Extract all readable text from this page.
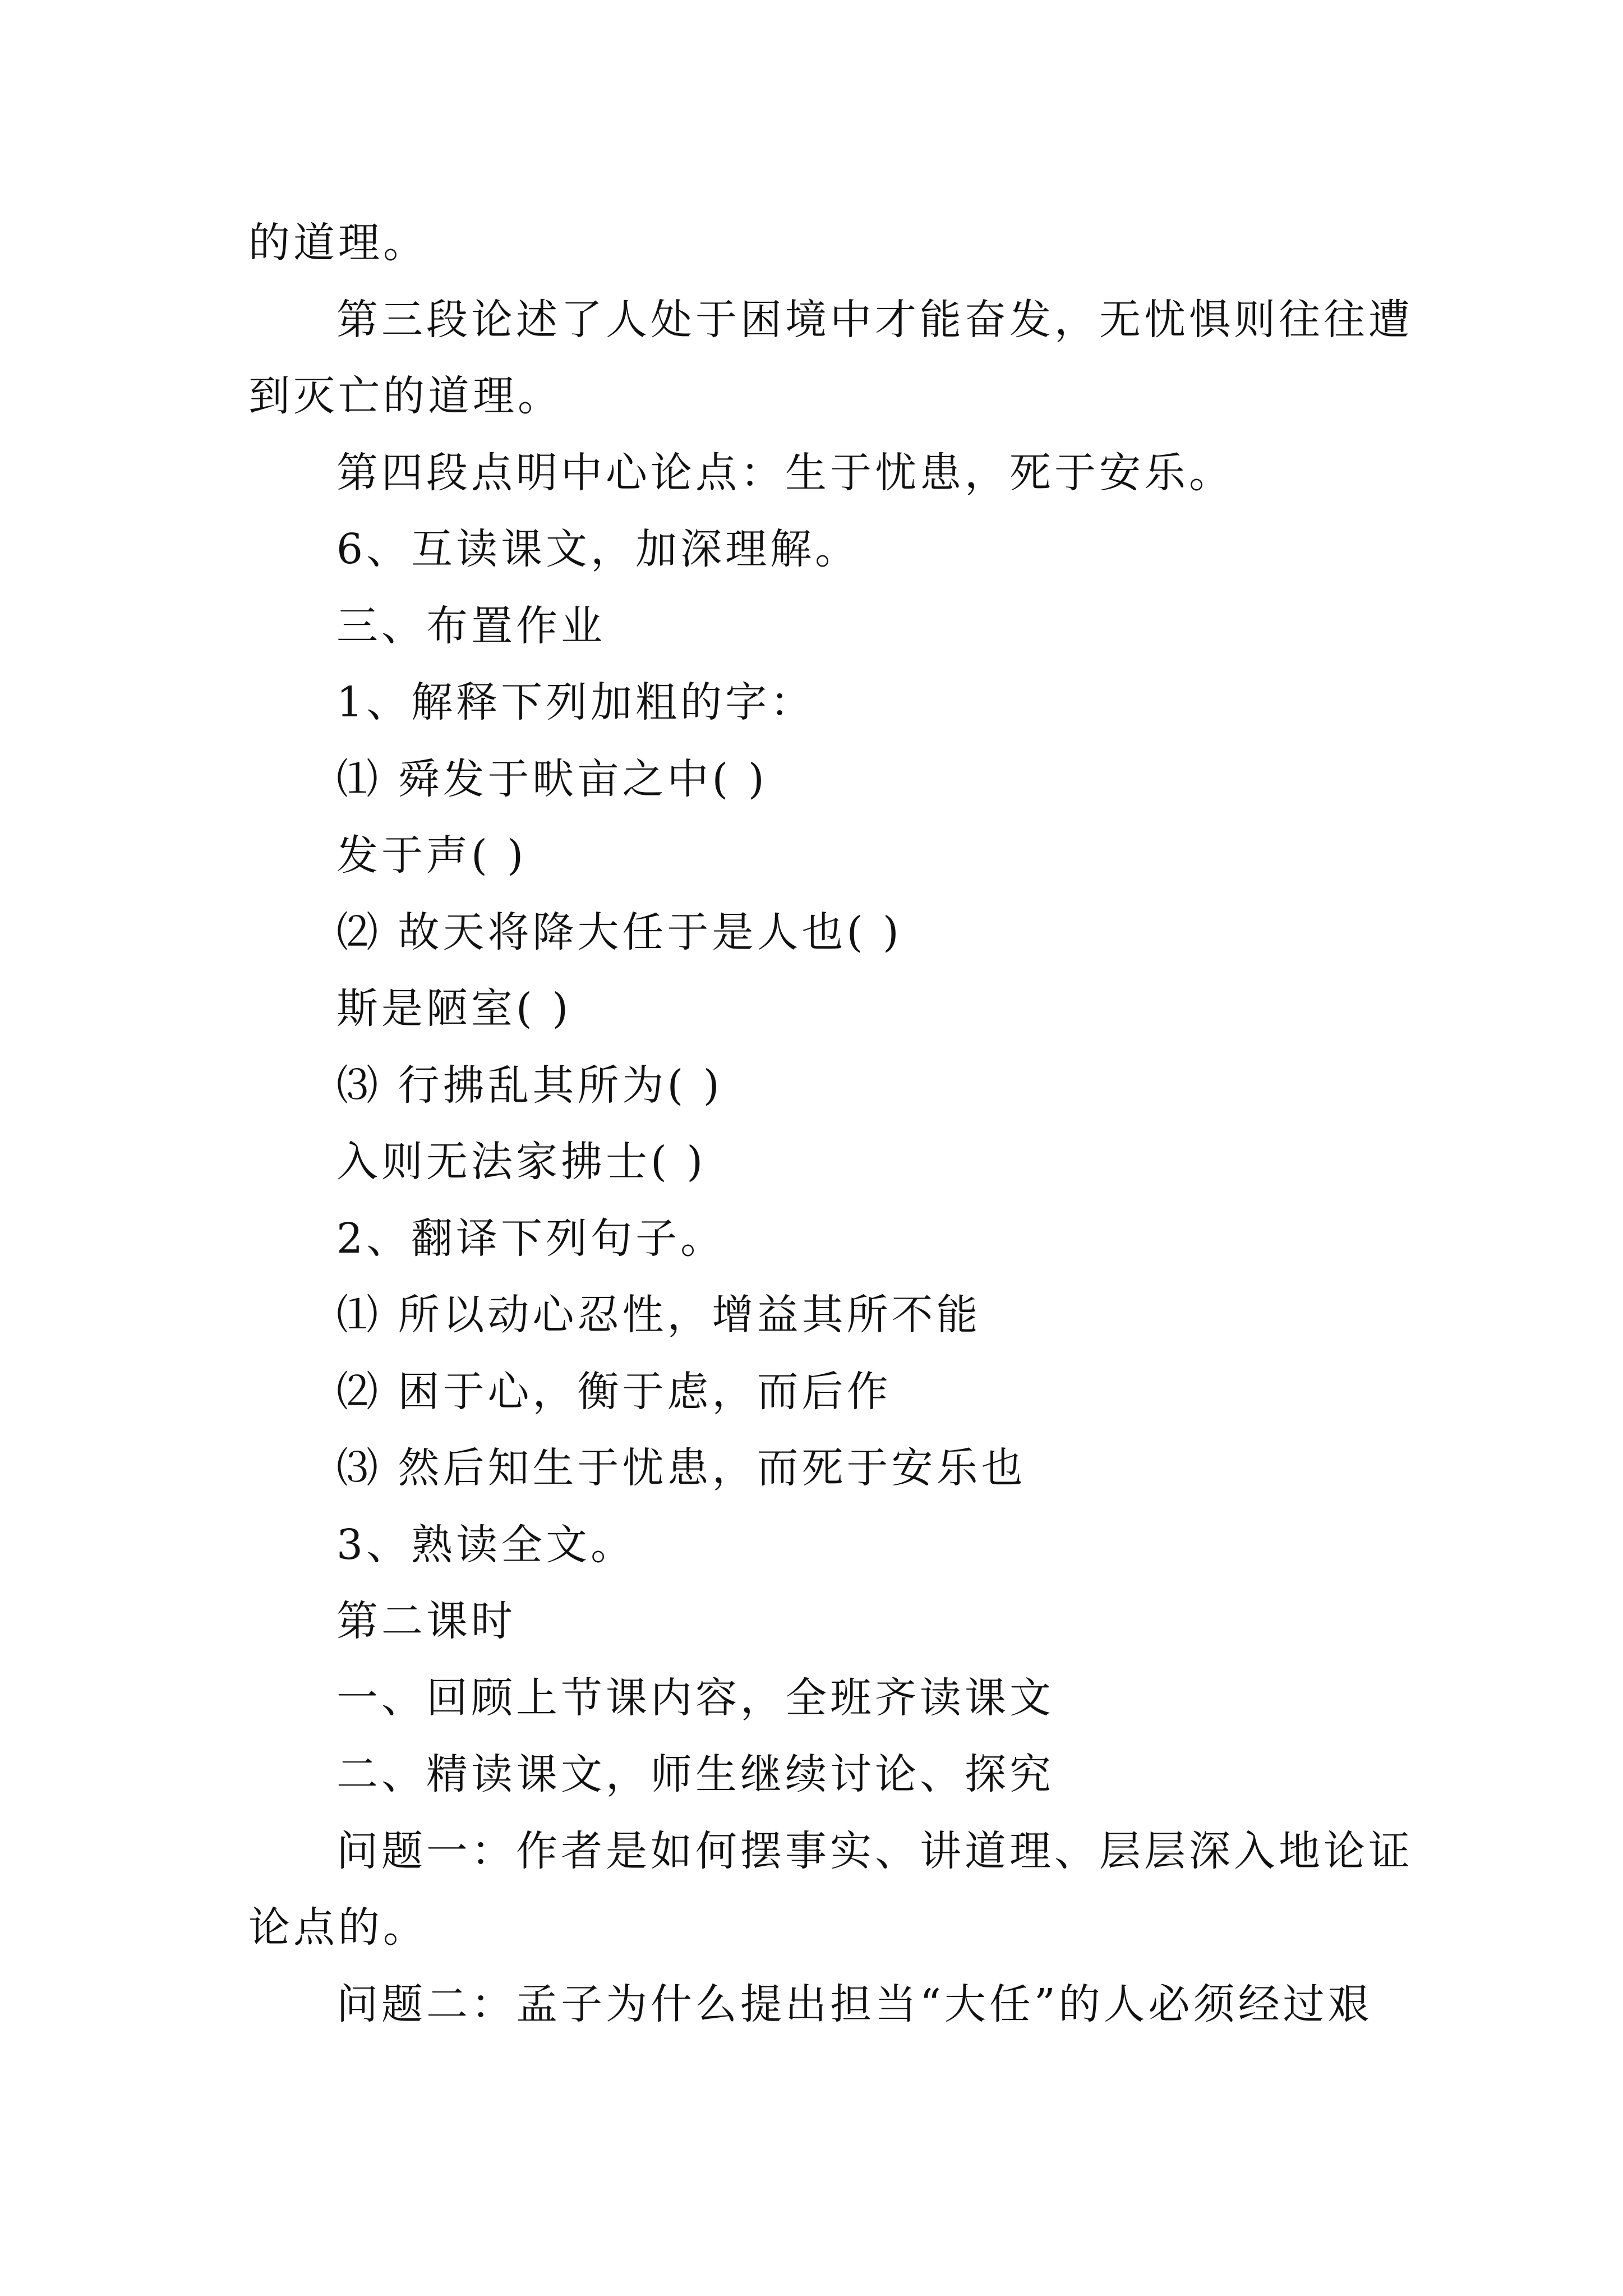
的道理。
第三段论述了人处于困境中才能奋发，无忧惧则往往遭
到灭亡的道理。
第四段点明中心论点：生于忧患，死于安乐。
6、互读课文，加深理解。
三、布置作业
1、解释下列加粗的字：
⑴ 舜发于畎亩之中( )
发于声( )
⑵ 故天将降大任于是人也( )
斯是陋室( )
⑶ 行拂乱其所为( )
入则无法家拂士( )
2、翻译下列句子。
⑴ 所以动心忍性，增益其所不能
⑵ 困于心，衡于虑，而后作
⑶ 然后知生于忧患，而死于安乐也
3、熟读全文。
第二课时
一、回顾上节课内容，全班齐读课文
二、精读课文，师生继续讨论、探究
问题一：作者是如何摆事实、讲道理、层层深入地论证
论点的。
问题二：孟子为什么提出担当“大任”的人必须经过艰
